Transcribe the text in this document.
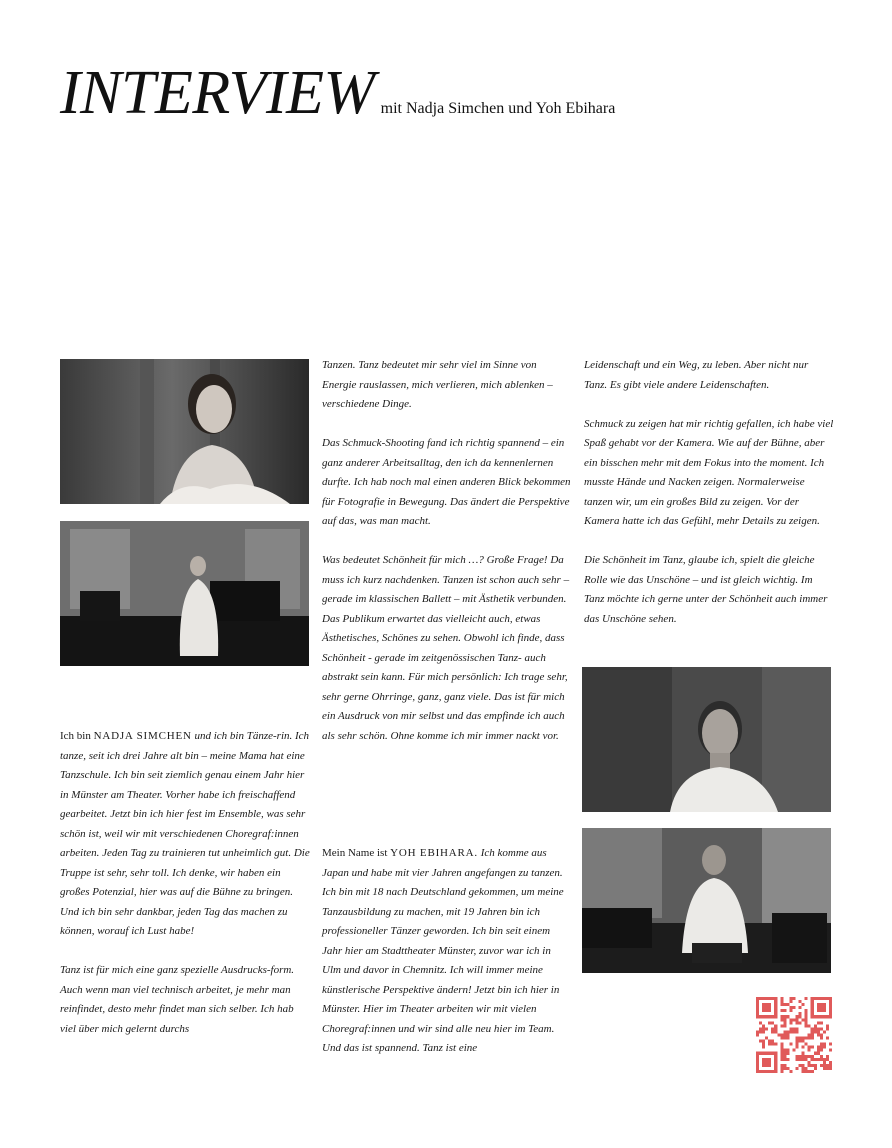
INTERVIEW mit Nadja Simchen und Yoh Ebihara

Ich bin NADJA SIMCHEN und ich bin Tänze-rin. Ich tanze, seit ich drei Jahre alt bin – meine Mama hat eine Tanzschule. Ich bin seit ziemlich genau einem Jahr hier in Münster am Theater. Vorher habe ich freischaffend gearbeitet. Jetzt bin ich hier fest im Ensemble, was sehr schön ist, weil wir mit verschiedenen Choregraf:innen arbeiten. Jeden Tag zu trainieren tut unheimlich gut. Die Truppe ist sehr, sehr toll. Ich denke, wir haben ein großes Potenzial, hier was auf die Bühne zu bringen. Und ich bin sehr dankbar, jeden Tag das machen zu können, worauf ich Lust habe!

Tanz ist für mich eine ganz spezielle Ausdrucks-form. Auch wenn man viel technisch arbeitet, je mehr man reinfindet, desto mehr findet man sich selber. Ich hab viel über mich gelernt durchs

Tanzen. Tanz bedeutet mir sehr viel im Sinne von Energie rauslassen, mich verlieren, mich ablenken – verschiedene Dinge.

Das Schmuck-Shooting fand ich richtig spannend – ein ganz anderer Arbeitsalltag, den ich da kennenlernen durfte. Ich hab noch mal einen anderen Blick bekommen für Fotografie in Bewegung. Das ändert die Perspektive auf das, was man macht.

Was bedeutet Schönheit für mich …? Große Frage! Da muss ich kurz nachdenken. Tanzen ist schon auch sehr – gerade im klassischen Ballett – mit Ästhetik verbunden. Das Publikum erwartet das vielleicht auch, etwas Ästhetisches, Schönes zu sehen. Obwohl ich finde, dass Schönheit - gerade im zeitgenössischen Tanz- auch abstrakt sein kann. Für mich persönlich: Ich trage sehr, sehr gerne Ohrringe, ganz, ganz viele. Das ist für mich ein Ausdruck von mir selbst und das empfinde ich auch als sehr schön. Ohne komme ich mir immer nackt vor.

Mein Name ist YOH EBIHARA. Ich komme aus Japan und habe mit vier Jahren angefangen zu tanzen. Ich bin mit 18 nach Deutschland gekommen, um meine Tanzausbildung zu machen, mit 19 Jahren bin ich professioneller Tänzer geworden. Ich bin seit einem Jahr hier am Stadttheater Münster, zuvor war ich in Ulm und davor in Chemnitz. Ich will immer meine künstlerische Perspektive ändern! Jetzt bin ich hier in Münster. Hier im Theater arbeiten wir mit vielen Choregraf:innen und wir sind alle neu hier im Team. Und das ist spannend. Tanz ist eine

Leidenschaft und ein Weg, zu leben. Aber nicht nur Tanz. Es gibt viele andere Leidenschaften.

Schmuck zu zeigen hat mir richtig gefallen, ich habe viel Spaß gehabt vor der Kamera. Wie auf der Bühne, aber ein bisschen mehr mit dem Fokus into the moment. Ich musste Hände und Nacken zeigen. Normalerweise tanzen wir, um ein großes Bild zu zeigen. Vor der Kamera hatte ich das Gefühl, mehr Details zu zeigen.

Die Schönheit im Tanz, glaube ich, spielt die gleiche Rolle wie das Unschöne – und ist gleich wichtig. Im Tanz möchte ich gerne unter der Schönheit auch immer das Unschöne sehen.
